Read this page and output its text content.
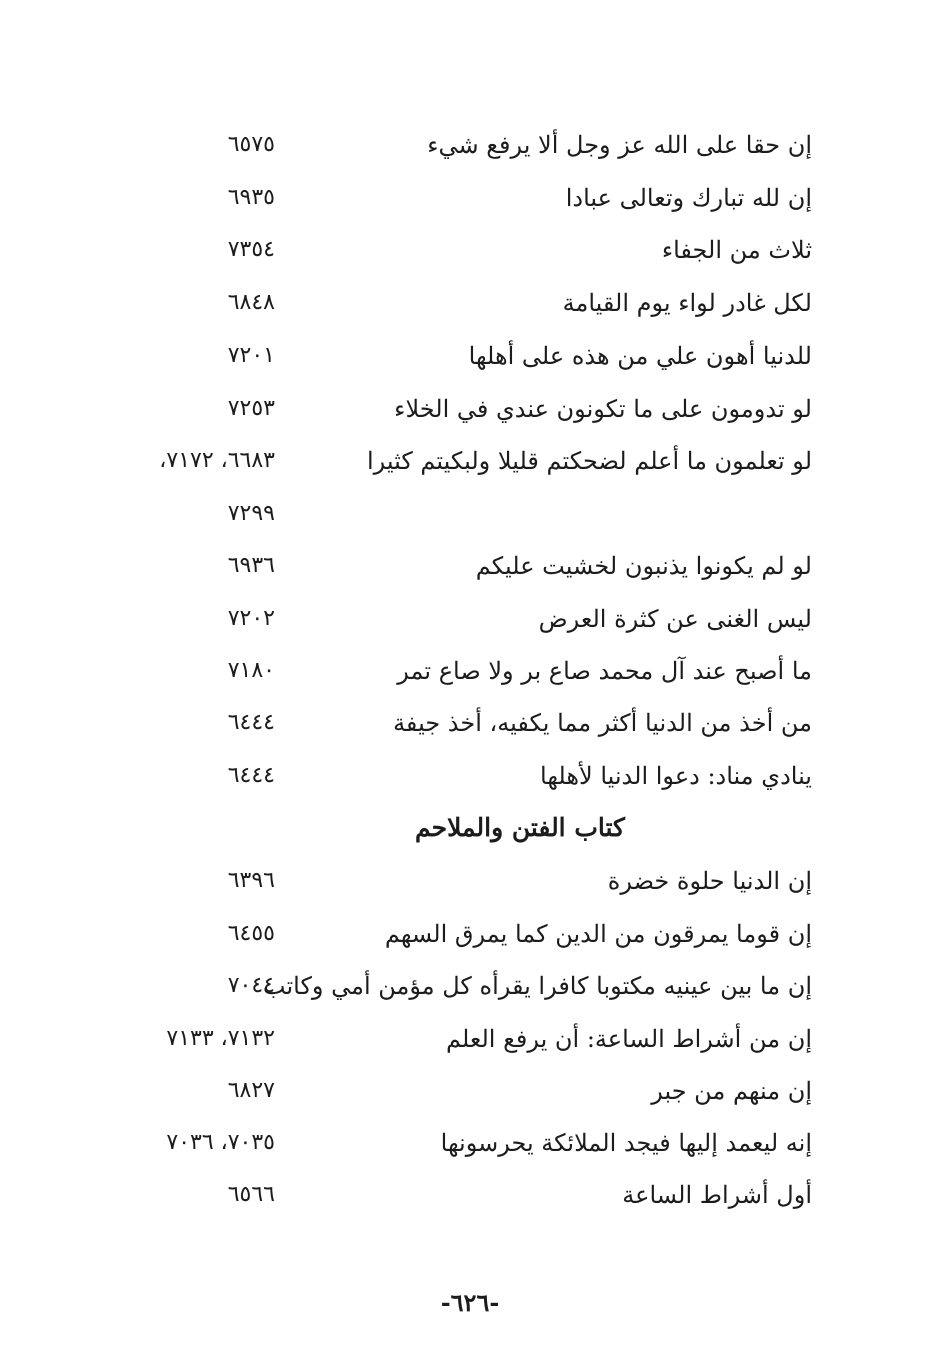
إن حقا على الله عز وجل ألا يرفع شيء
٦٥٧٥
إن لله تبارك وتعالى عبادا
٦٩٣٥
ثلاث من الجفاء
٧٣٥٤
لكل غادر لواء يوم القيامة
٦٨٤٨
للدنيا أهون علي من هذه على أهلها
٧٢٠١
لو تدومون على ما تكونون عندي في الخلاء
٧٢٥٣
لو تعلمون ما أعلم لضحكتم قليلا ولبكيتم كثيرا
٦٦٨٣، ٧١٧٢،
٧٢٩٩
لو لم يكونوا يذنبون لخشيت عليكم
٦٩٣٦
ليس الغنى عن كثرة العرض
٧٢٠٢
ما أصبح عند آل محمد صاع بر ولا صاع تمر
٧١٨٠
من أخذ من الدنيا أكثر مما يكفيه، أخذ جيفة
٦٤٤٤
ينادي مناد: دعوا الدنيا لأهلها
٦٤٤٤
كتاب الفتن والملاحم
إن الدنيا حلوة خضرة
٦٣٩٦
إن قوما يمرقون من الدين كما يمرق السهم
٦٤٥٥
إن ما بين عينيه مكتوبا كافرا يقرأه كل مؤمن أمي وكاتب
٧٠٤٤
إن من أشراط الساعة: أن يرفع العلم
٧١٣٢، ٧١٣٣
إن منهم من جبر
٦٨٢٧
إنه ليعمد إليها فيجد الملائكة يحرسونها
٧٠٣٥، ٧٠٣٦
أول أشراط الساعة
٦٥٦٦
-٦٢٦-
